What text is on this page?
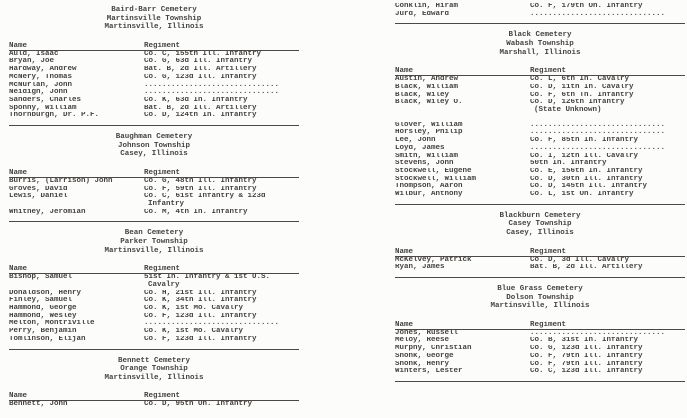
Baird-Barr Cemetery
Martinsville Township
Martinsville, Illinois
Name	Regiment
Auld, Isaac	Co. C, 155th Ill. Infantry
Bryan, Joe	Co. G, 63d Ill. Infantry
Hardway, Andrew	Bat. B, 2d Ill. Artillery
McNery, Thomas	Co. G, 123d Ill. Infantry
McNurlan, John	..............................
Neidigh, John	..............................
Sanders, Charles	Co. K, 63d In. Infantry
Sponny, William	Bat. B, 2d Ill. Artillery
Thornburgh, Dr. P.F.	Co. D, 124th In. Infantry
Baughman Cemetery
Johnson Township
Casey, Illinois
Name	Regiment
Burris, (Larrison) John	Co. G, 48th Ill. Infantry
Groves, David	Co. F, 59th Ill. Infantry
Lewis, Daniel	Co. C, 61st Infantry & 123d
Infantry
Whitney, Jeromiah	Co. M, 4th In. Infantry
Bean Cemetery
Parker Township
Martinsville, Illinois
Name	Regiment
Bishop, Samuel	51st In. Infantry & 1st U.S.
Cavalry
Donaldson, Henry	Co. H, 21st Ill. Infantry
Finley, Samuel	Co. K, 34th Ill. Infantry
Hammond, George	Co. K, 1st Mo. Cavalry
Hammond, Wesley	Co. F, 123d Ill. Infantry
Melton, Montriville	..............................
Perry, Benjamin	Co. K, 1st Mo. Cavalry
Tomlinson, Elijah	Co. F, 123d Ill. Infantry
Bennett Cemetery
Orange Township
Martinsville, Illinois
Name	Regiment
Bennett, John	Co. D, 95th Oh. Infantry
Conklin, Hiram	Co. F, 179th Oh. Infantry
Jurd, Edward	..............................
Black Cemetery
Wabash Township
Marshall, Illinois
Name	Regiment
Austin, Andrew	Co. L, 6th In. Cavalry
Black, William	Co. D, 11th In. Cavalry
Black, Wiley	Co. F, 6th Tn. Infantry
Black, Wiley O.	Co. D, 126th Infantry
(State Unknown)
Glover, William	..............................
Horsley, Philip	..............................
Lee, John	Co. F, 85th In. Infantry
Loyd, James	..............................
Smith, William	Co. I, 12th Ill. Cavalry
Stevens, John	50th In. Infantry
Stockwell, Eugene	Co. E, 156th In. Infantry
Stockwell, William	Co. D, 30th Ill. Infantry
Thompson, Aaron	Co. D, 145th Ill. Infantry
Wilbur, Anthony	Co. L, 1st Oh. Infantry
Blackburn Cemetery
Casey Township
Casey, Illinois
Name	Regiment
McKelvey, Patrick	Co. D, 3d Ill. Cavalry
Ryan, James	Bat. B, 2d Ill. Artillery
Blue Grass Cemetery
Dolson Township
Martinsville, Illinois
Name	Regiment
Jones, Russell	..............................
Meloy, Reese	Co. B, 31st In. Infantry
Murphy, Christian	Co. G, 123d Ill. Infantry
Shonk, George	Co. F, 79th Ill. Infantry
Shonk, Henry	Co. F, 79th Ill. Infantry
Winters, Lester	Co. C, 123d Ill. Infantry
